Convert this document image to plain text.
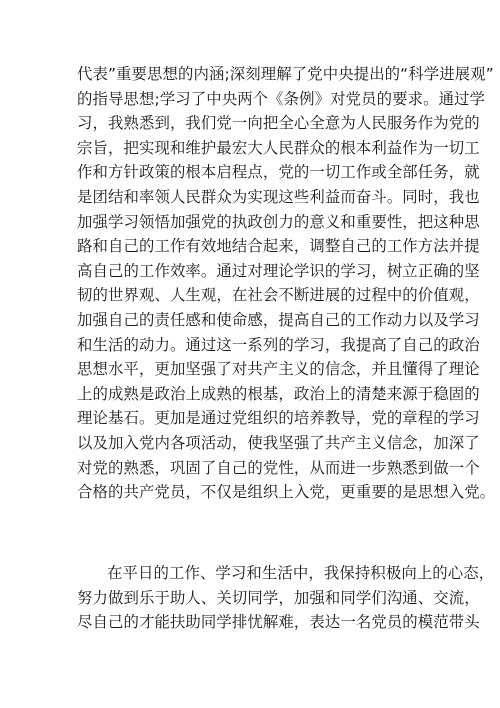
代表”重要思想的内涵;深刻理解了党中央提出的“科学进展观”
的指导思想;学习了中央两个《条例》对党员的要求。通过学
习，我熟悉到，我们党一向把全心全意为人民服务作为党的
宗旨，把实现和维护最宏大人民群众的根本利益作为一切工
作和方针政策的根本启程点，党的一切工作或全部任务，就
是团结和率领人民群众为实现这些利益而奋斗。同时，我也
加强学习领悟加强党的执政创力的意义和重要性，把这种思
路和自己的工作有效地结合起来，调整自己的工作方法并提
高自己的工作效率。通过对理论学识的学习，树立正确的坚
韧的世界观、人生观，在社会不断进展的过程中的价值观，
加强自己的责任感和使命感，提高自己的工作动力以及学习
和生活的动力。通过这一系列的学习，我提高了自己的政治
思想水平，更加坚强了对共产主义的信念，并且懂得了理论
上的成熟是政治上成熟的根基，政治上的清楚来源于稳固的
理论基石。更加是通过党组织的培养教导，党的章程的学习
以及加入党内各项活动，使我坚强了共产主义信念，加深了
对党的熟悉，巩固了自己的党性，从而进一步熟悉到做一个
合格的共产党员，不仅是组织上入党，更重要的是思想入党。
在平日的工作、学习和生活中，我保持积极向上的心态，
努力做到乐于助人、关切同学，加强和同学们沟通、交流，
尽自己的才能扶助同学排忧解难，表达一名党员的模范带头
